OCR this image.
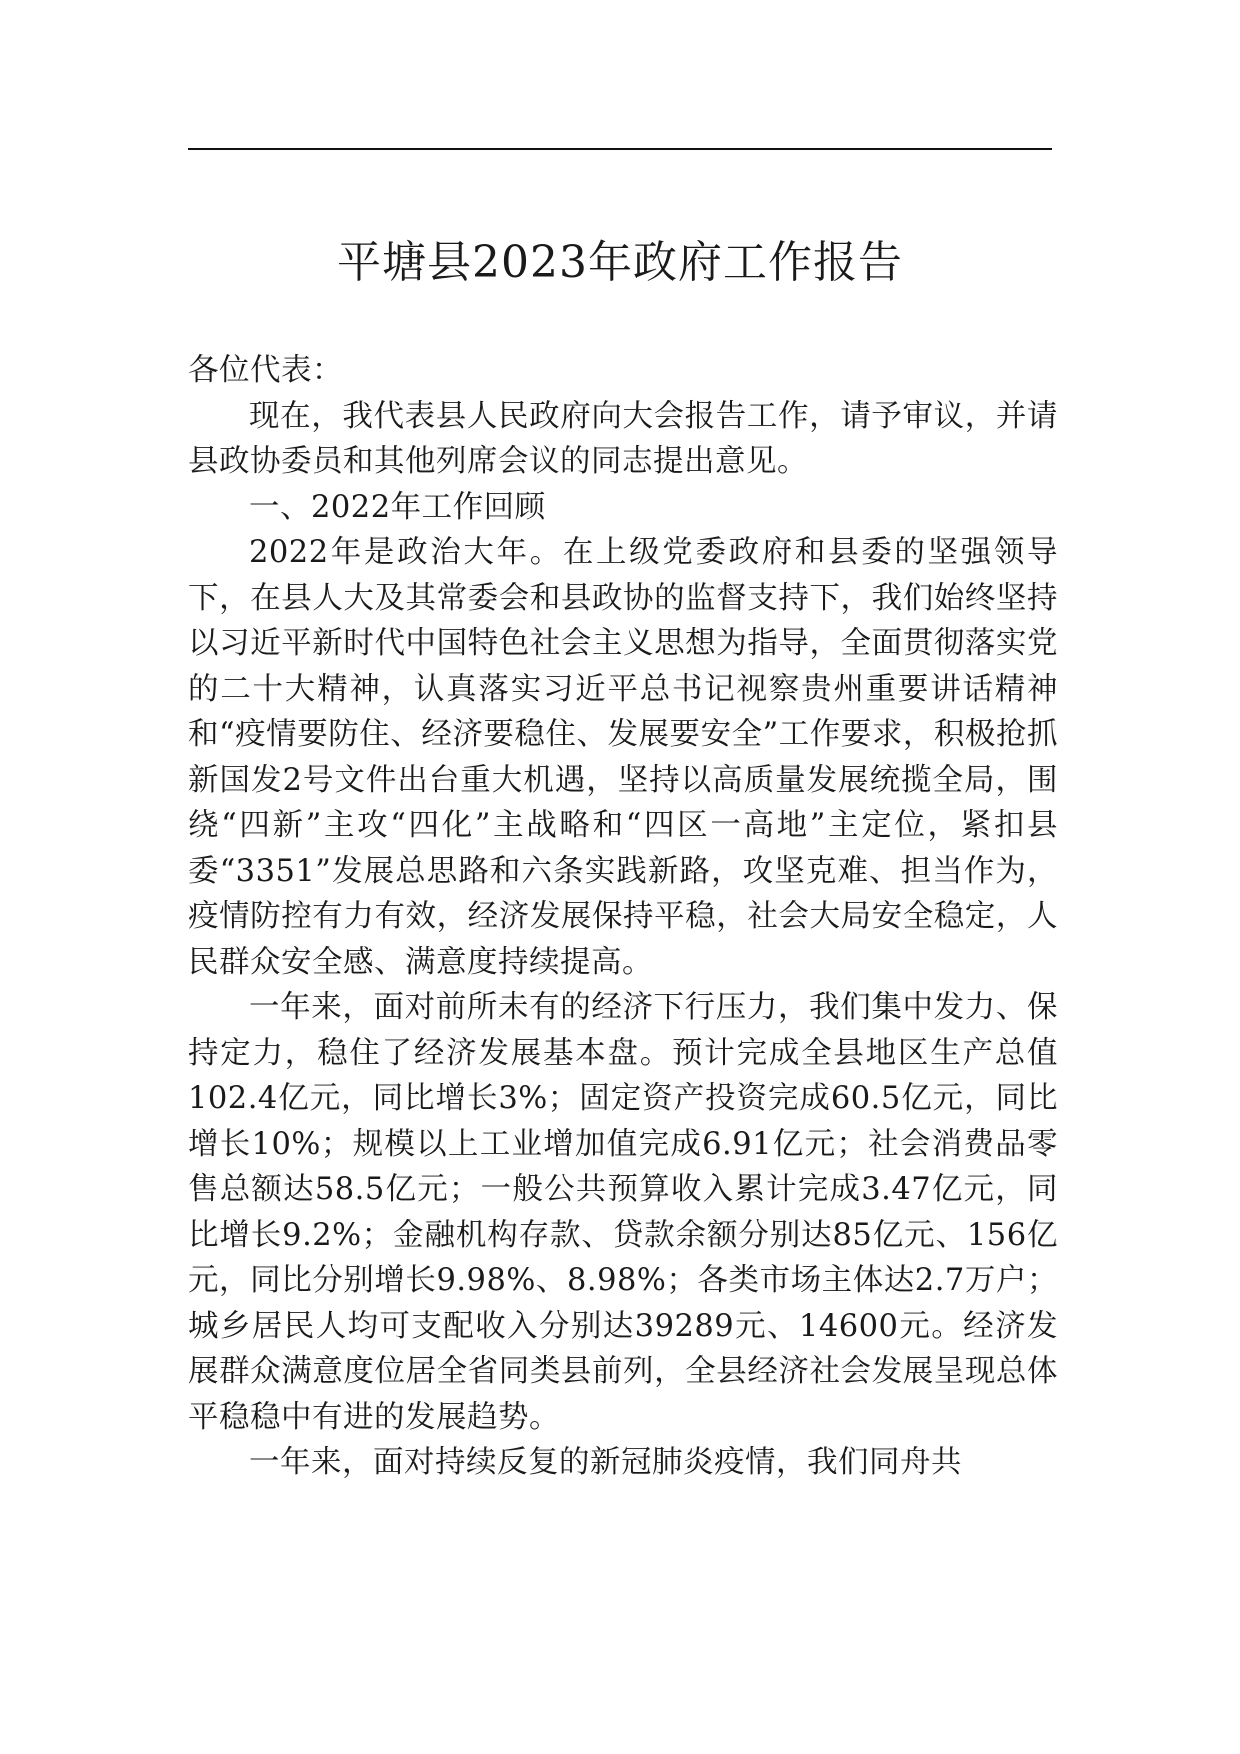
平塘县2023年政府工作报告

各位代表：

现在，我代表县人民政府向大会报告工作，请予审议，并请县政协委员和其他列席会议的同志提出意见。

一、2022年工作回顾

2022年是政治大年。在上级党委政府和县委的坚强领导下，在县人大及其常委会和县政协的监督支持下，我们始终坚持以习近平新时代中国特色社会主义思想为指导，全面贯彻落实党的二十大精神，认真落实习近平总书记视察贵州重要讲话精神和“疫情要防住、经济要稳住、发展要安全”工作要求，积极抢抓新国发2号文件出台重大机遇，坚持以高质量发展统揽全局，围绕“四新”主攻“四化”主战略和“四区一高地”主定位，紧扣县委“3351”发展总思路和六条实践新路，攻坚克难、担当作为，疫情防控有力有效，经济发展保持平稳，社会大局安全稳定，人民群众安全感、满意度持续提高。

一年来，面对前所未有的经济下行压力，我们集中发力、保持定力，稳住了经济发展基本盘。预计完成全县地区生产总值102.4亿元，同比增长3%；固定资产投资完成60.5亿元，同比增长10%；规模以上工业增加值完成6.91亿元；社会消费品零售总额达58.5亿元；一般公共预算收入累计完成3.47亿元，同比增长9.2%；金融机构存款、贷款余额分别达85亿元、156亿元，同比分别增长9.98%、8.98%；各类市场主体达2.7万户；城乡居民人均可支配收入分别达39289元、14600元。经济发展群众满意度位居全省同类县前列，全县经济社会发展呈现总体平稳稳中有进的发展趋势。

一年来，面对持续反复的新冠肺炎疫情，我们同舟共
